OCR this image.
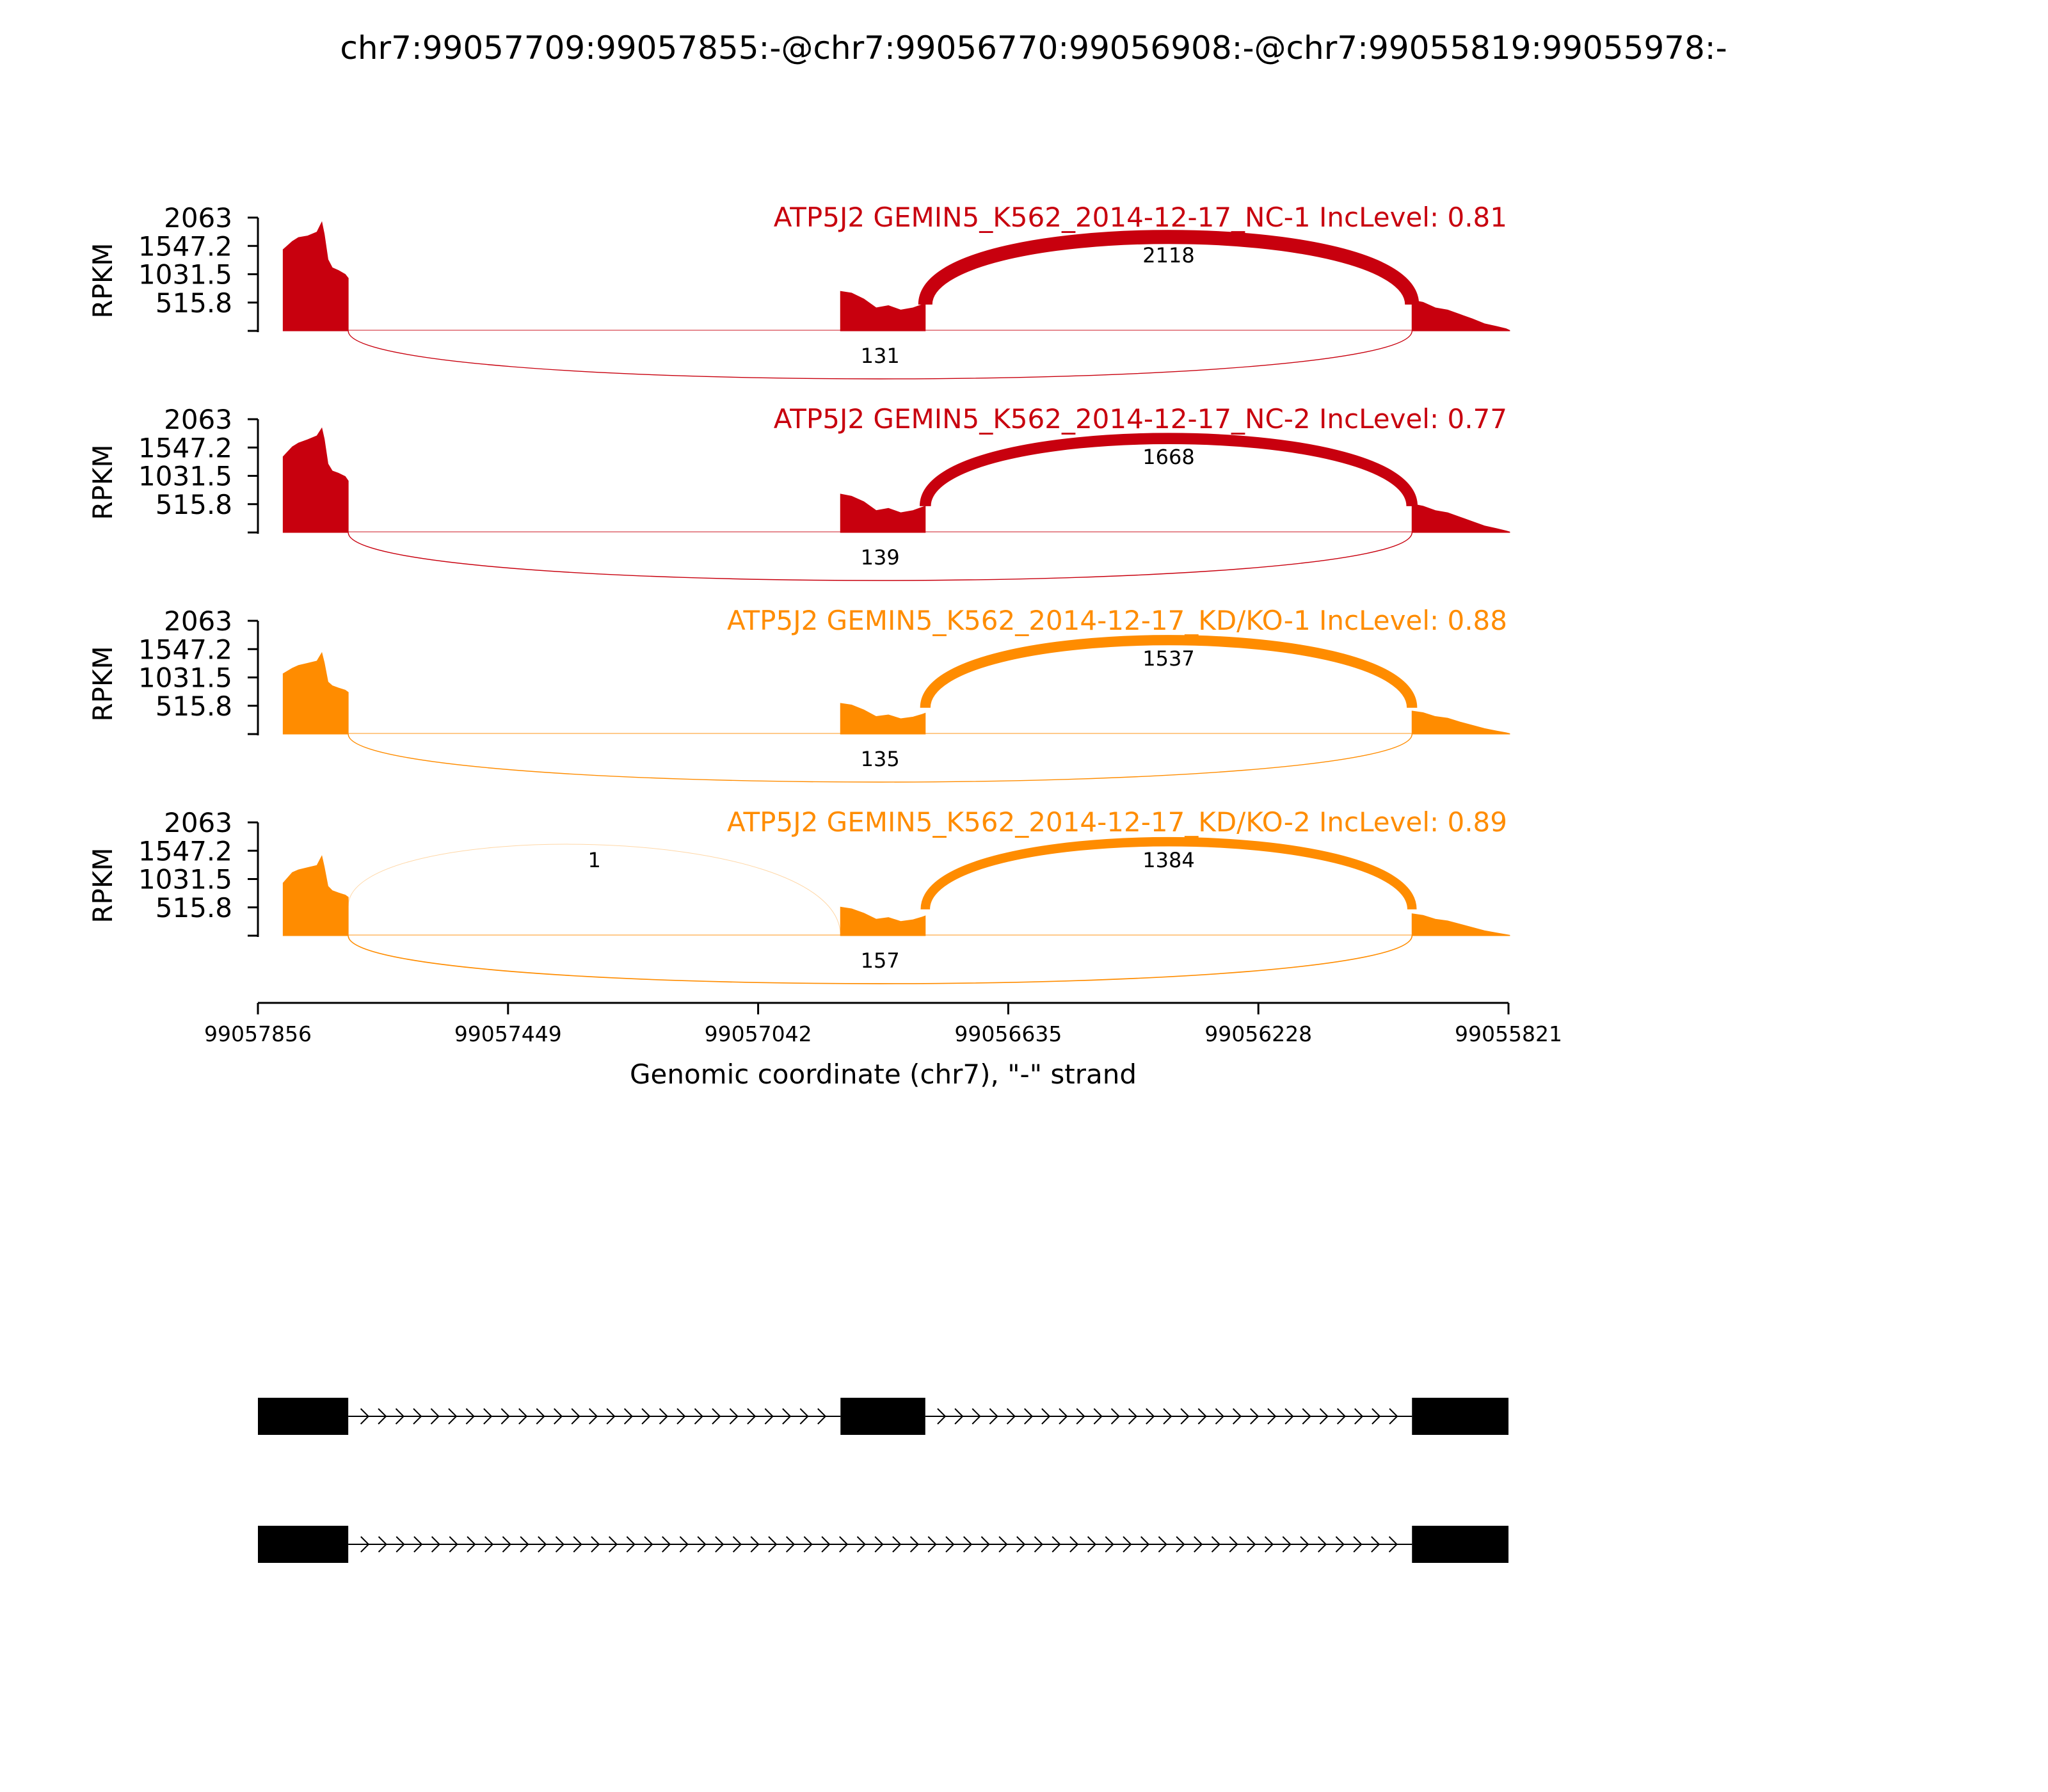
chr7:99057709:99057855:-@chr7:99056770:99056908:-@chr7:99055819:99055978:-
2063
1547.2
1031.5
515.8
RPKM	2118
131
ATP5J2 GEMIN5_K562_2014-12-17_NC-1 IncLevel: 0.81
2063
1547.2
1031.5
515.8
RPKM	1668
139
ATP5J2 GEMIN5_K562_2014-12-17_NC-2 IncLevel: 0.77
2063
1547.2
1031.5
515.8
RPKM	1537
135
ATP5J2 GEMIN5_K562_2014-12-17_KD/KO-1 IncLevel: 0.88
2063
1547.2
1031.5
515.8
RPKM	1	1384
157
ATP5J2 GEMIN5_K562_2014-12-17_KD/KO-2 IncLevel: 0.89
99057856	99057449	99057042	99056635	99056228	99055821
Genomic coordinate (chr7), "-" strand
